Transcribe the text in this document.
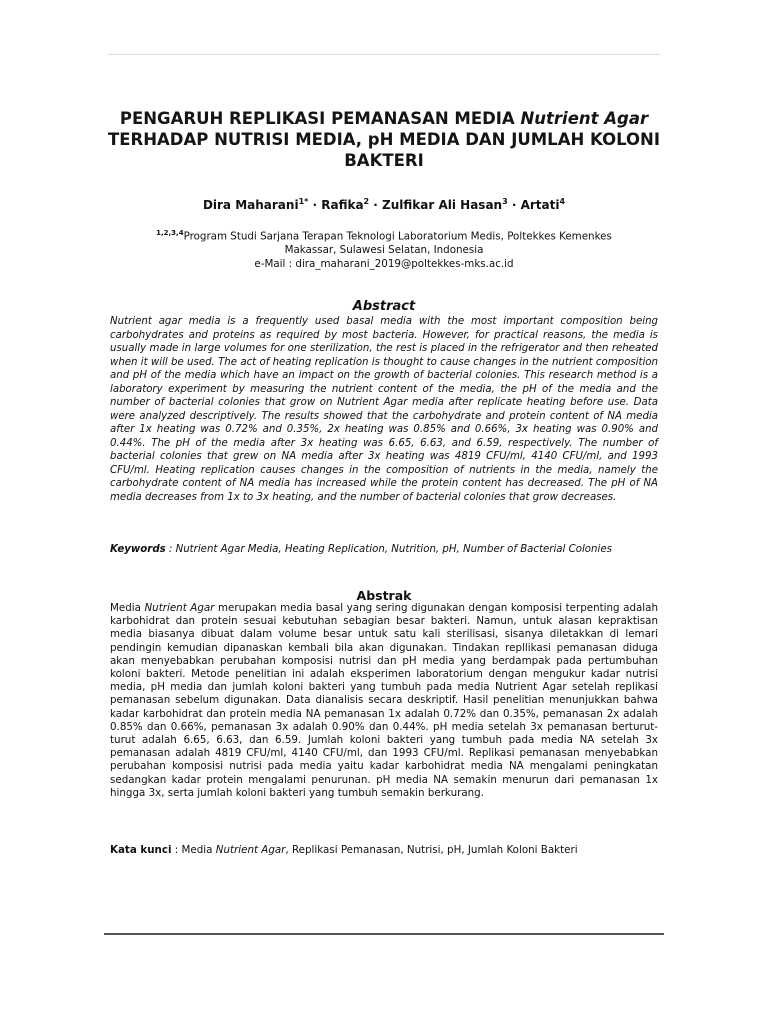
PENGARUH REPLIKASI PEMANASAN MEDIA Nutrient Agar
TERHADAP NUTRISI MEDIA, pH MEDIA DAN JUMLAH KOLONI
BAKTERI
Dira Maharani$^{1*}$ · Rafika$^2$ · Zulfikar Ali Hasan$^3$ · Artati$^4$
$^{1,2,3,4}$Program Studi Sarjana Terapan Teknologi Laboratorium Medis, Poltekkes Kemenkes
Makassar, Sulawesi Selatan, Indonesia
e-Mail : dira_maharani_2019@poltekkes-mks.ac.id
Abstract

Nutrient agar media is a frequently used basal media with the most important composition being carbohydrates and proteins as required by most bacteria. However, for practical reasons, the media is usually made in large volumes for one sterilization, the rest is placed in the refrigerator and then reheated when it will be used. The act of heating replication is thought to cause changes in the nutrient composition and pH of the media which have an impact on the growth of bacterial colonies. This research method is a laboratory experiment by measuring the nutrient content of the media, the pH of the media and the number of bacterial colonies that grow on Nutrient Agar media after replicate heating before use. Data were analyzed descriptively. The results showed that the carbohydrate and protein content of NA media after 1x heating was 0.72% and 0.35%, 2x heating was 0.85% and 0.66%, 3x heating was 0.90% and 0.44%. The pH of the media after 3x heating was 6.65, 6.63, and 6.59, respectively. The number of bacterial colonies that grew on NA media after 3x heating was 4819 CFU/ml, 4140 CFU/ml, and 1993 CFU/ml. Heating replication causes changes in the composition of nutrients in the media, namely the carbohydrate content of NA media has increased while the protein content has decreased. The pH of NA media decreases from 1x to 3x heating, and the number of bacterial colonies that grow decreases.

Keywords : Nutrient Agar Media, Heating Replication, Nutrition, pH, Number of Bacterial Colonies
Abstrak
Media Nutrient Agar merupakan media basal yang sering digunakan dengan komposisi terpenting adalah karbohidrat dan protein sesuai kebutuhan sebagian besar bakteri. Namun, untuk alasan kepraktisan media biasanya dibuat dalam volume besar untuk satu kali sterilisasi, sisanya diletakkan di lemari pendingin kemudian dipanaskan kembali bila akan digunakan. Tindakan repllikasi pemanasan diduga akan menyebabkan perubahan komposisi nutrisi dan pH media yang berdampak pada pertumbuhan koloni bakteri. Metode penelitian ini adalah eksperimen laboratorium dengan mengukur kadar nutrisi media, pH media dan jumlah koloni bakteri yang tumbuh pada media Nutrient Agar setelah replikasi pemanasan sebelum digunakan. Data dianalisis secara deskriptif. Hasil penelitian menunjukkan bahwa kadar karbohidrat dan protein media NA pemanasan 1x adalah 0.72% dan 0.35%, pemanasan 2x adalah 0.85% dan 0.66%, pemanasan 3x adalah 0.90% dan 0.44%. pH media setelah 3x pemanasan berturut-turut adalah 6.65, 6.63, dan 6.59. Jumlah koloni bakteri yang tumbuh pada media NA setelah 3x pemanasan adalah 4819 CFU/ml, 4140 CFU/ml, dan 1993 CFU/ml. Replikasi pemanasan menyebabkan perubahan komposisi nutrisi pada media yaitu kadar karbohidrat media NA mengalami peningkatan sedangkan kadar protein mengalami penurunan. pH media NA semakin menurun dari pemanasan 1x hingga 3x, serta jumlah koloni bakteri yang tumbuh semakin berkurang.
Kata kunci : Media Nutrient Agar, Replikasi Pemanasan, Nutrisi, pH, Jumlah Koloni Bakteri
